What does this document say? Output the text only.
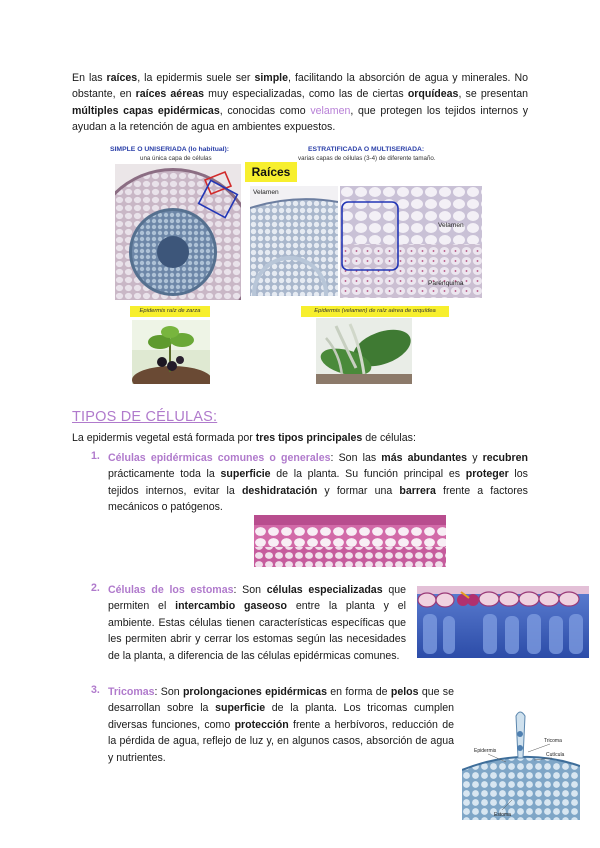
En las raíces, la epidermis suele ser simple, facilitando la absorción de agua y minerales. No obstante, en raíces aéreas muy especializadas, como las de ciertas orquídeas, se presentan múltiples capas epidérmicas, conocidas como velamen, que protegen los tejidos internos y ayudan a la retención de agua en ambientes expuestos.
SIMPLE O UNISERIADA (lo habitual):
una única capa de células
ESTRATIFICADA O MULTISERIADA:
varias capas de células (3-4) de diferente tamaño.
Raíces
Velamen
Velamen
Parénquima
Epidermis raíz de zarza	Epidermis (velamen) de raíz aérea de orquídea
TIPOS DE CÉLULAS:
La epidermis vegetal está formada por tres tipos principales de células:
1. Células epidérmicas comunes o generales: Son las más abundantes y recubren prácticamente toda la superficie de la planta. Su función principal es proteger los tejidos internos, evitar la deshidratación y formar una barrera frente a factores mecánicos o patógenos.
2. Células de los estomas: Son células especializadas que permiten el intercambio gaseoso entre la planta y el ambiente. Estas células tienen características específicas que les permiten abrir y cerrar los estomas según las necesidades de la planta, a diferencia de las células epidérmicas comunes.
3. Tricomas: Son prolongaciones epidérmicas en forma de pelos que se desarrollan sobre la superficie de la planta. Los tricomas cumplen diversas funciones, como protección frente a herbívoros, reducción de la pérdida de agua, reflejo de luz y, en algunos casos, absorción de agua y nutrientes.
Epidermis
Tricoma
Cutícula
Estoma
